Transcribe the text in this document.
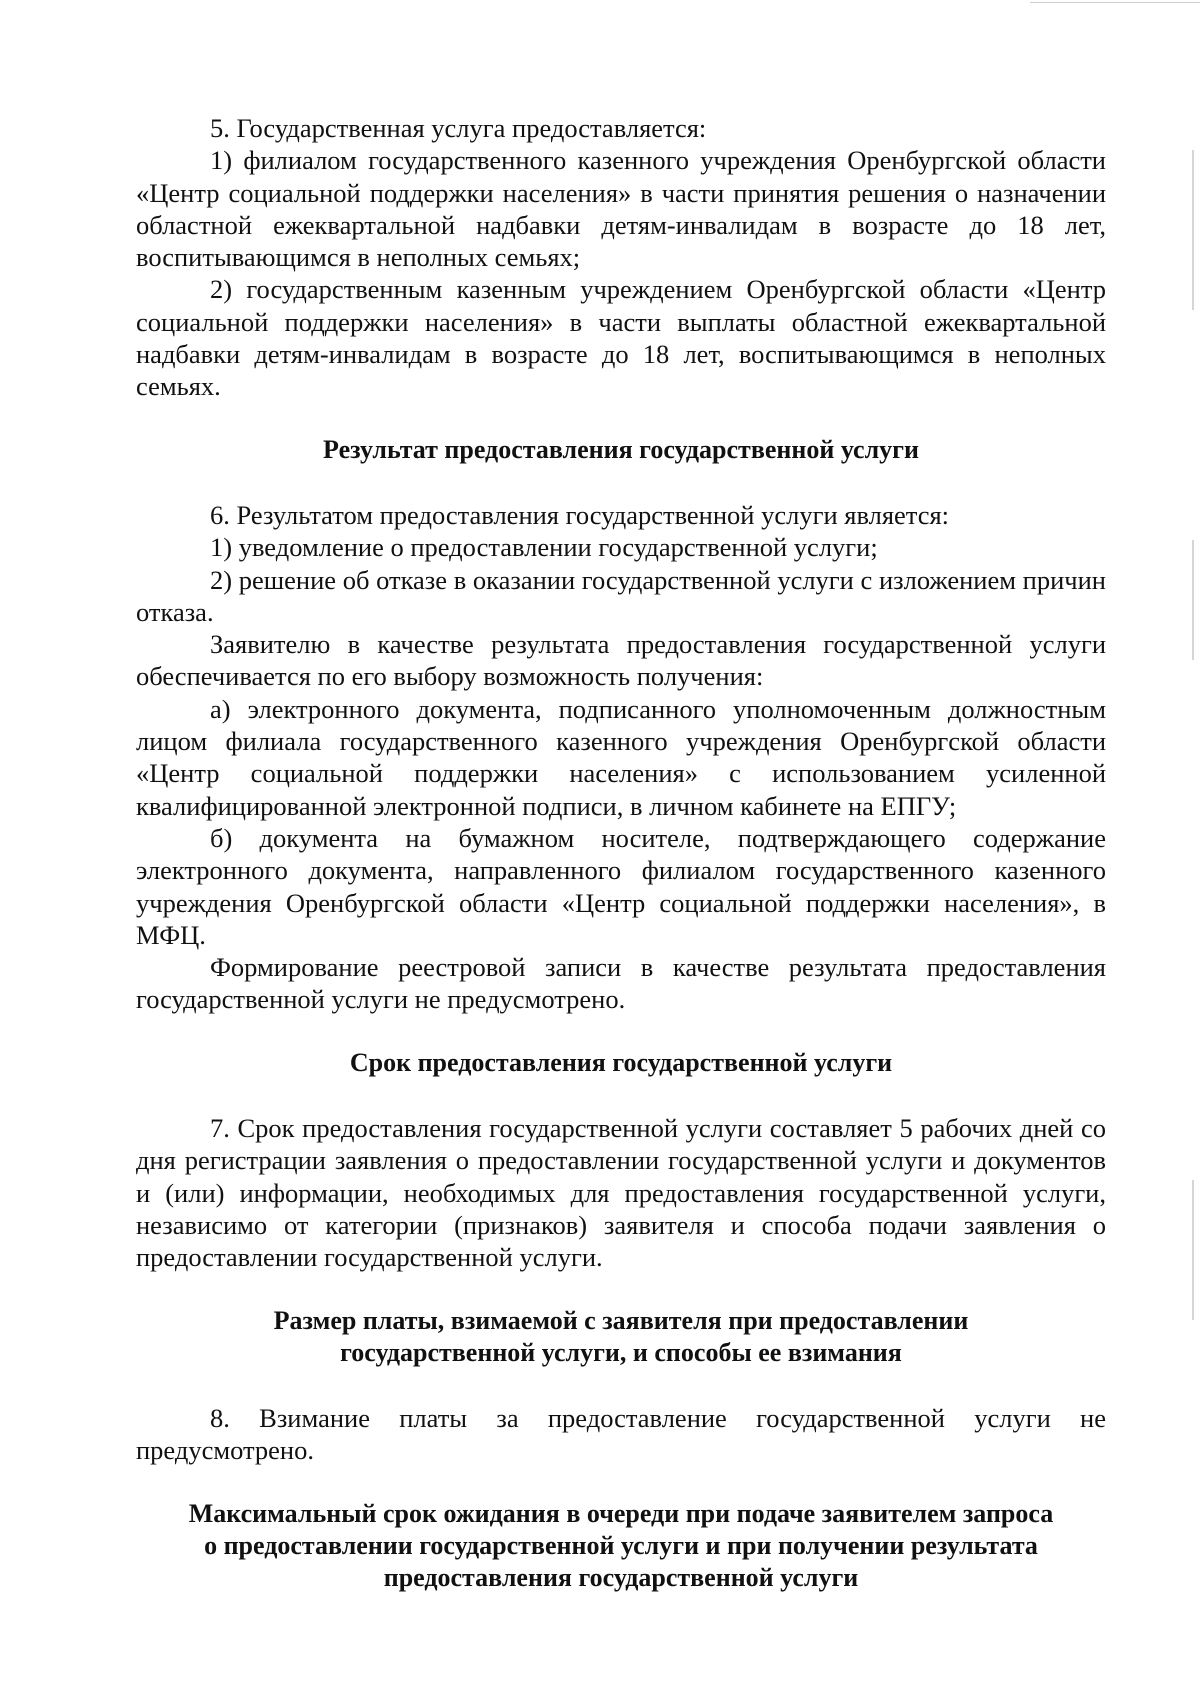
5. Государственная услуга предоставляется:

1) филиалом государственного казенного учреждения Оренбургской области «Центр социальной поддержки населения» в части принятия решения о назначении областной ежеквартальной надбавки детям-инвалидам в возрасте до 18 лет, воспитывающимся в неполных семьях;

2) государственным казенным учреждением Оренбургской области «Центр социальной поддержки населения» в части выплаты областной ежеквартальной надбавки детям-инвалидам в возрасте до 18 лет, воспитывающимся в неполных семьях.

Результат предоставления государственной услуги

6. Результатом предоставления государственной услуги является:

1) уведомление о предоставлении государственной услуги;

2) решение об отказе в оказании государственной услуги с изложением причин отказа.

Заявителю в качестве результата предоставления государственной услуги обеспечивается по его выбору возможность получения:

а) электронного документа, подписанного уполномоченным должностным лицом филиала государственного казенного учреждения Оренбургской области «Центр социальной поддержки населения» с использованием усиленной квалифицированной электронной подписи, в личном кабинете на ЕПГУ;

б) документа на бумажном носителе, подтверждающего содержание электронного документа, направленного филиалом государственного казенного учреждения Оренбургской области «Центр социальной поддержки населения», в МФЦ.

Формирование реестровой записи в качестве результата предоставления государственной услуги не предусмотрено.

Срок предоставления государственной услуги

7. Срок предоставления государственной услуги составляет 5 рабочих дней со дня регистрации заявления о предоставлении государственной услуги и документов и (или) информации, необходимых для предоставления государственной услуги, независимо от категории (признаков) заявителя и способа подачи заявления о предоставлении государственной услуги.

Размер платы, взимаемой с заявителя при предоставлении
государственной услуги, и способы ее взимания

8. Взимание платы за предоставление государственной услуги не предусмотрено.

Максимальный срок ожидания в очереди при подаче заявителем запроса
о предоставлении государственной услуги и при получении результата
предоставления государственной услуги
